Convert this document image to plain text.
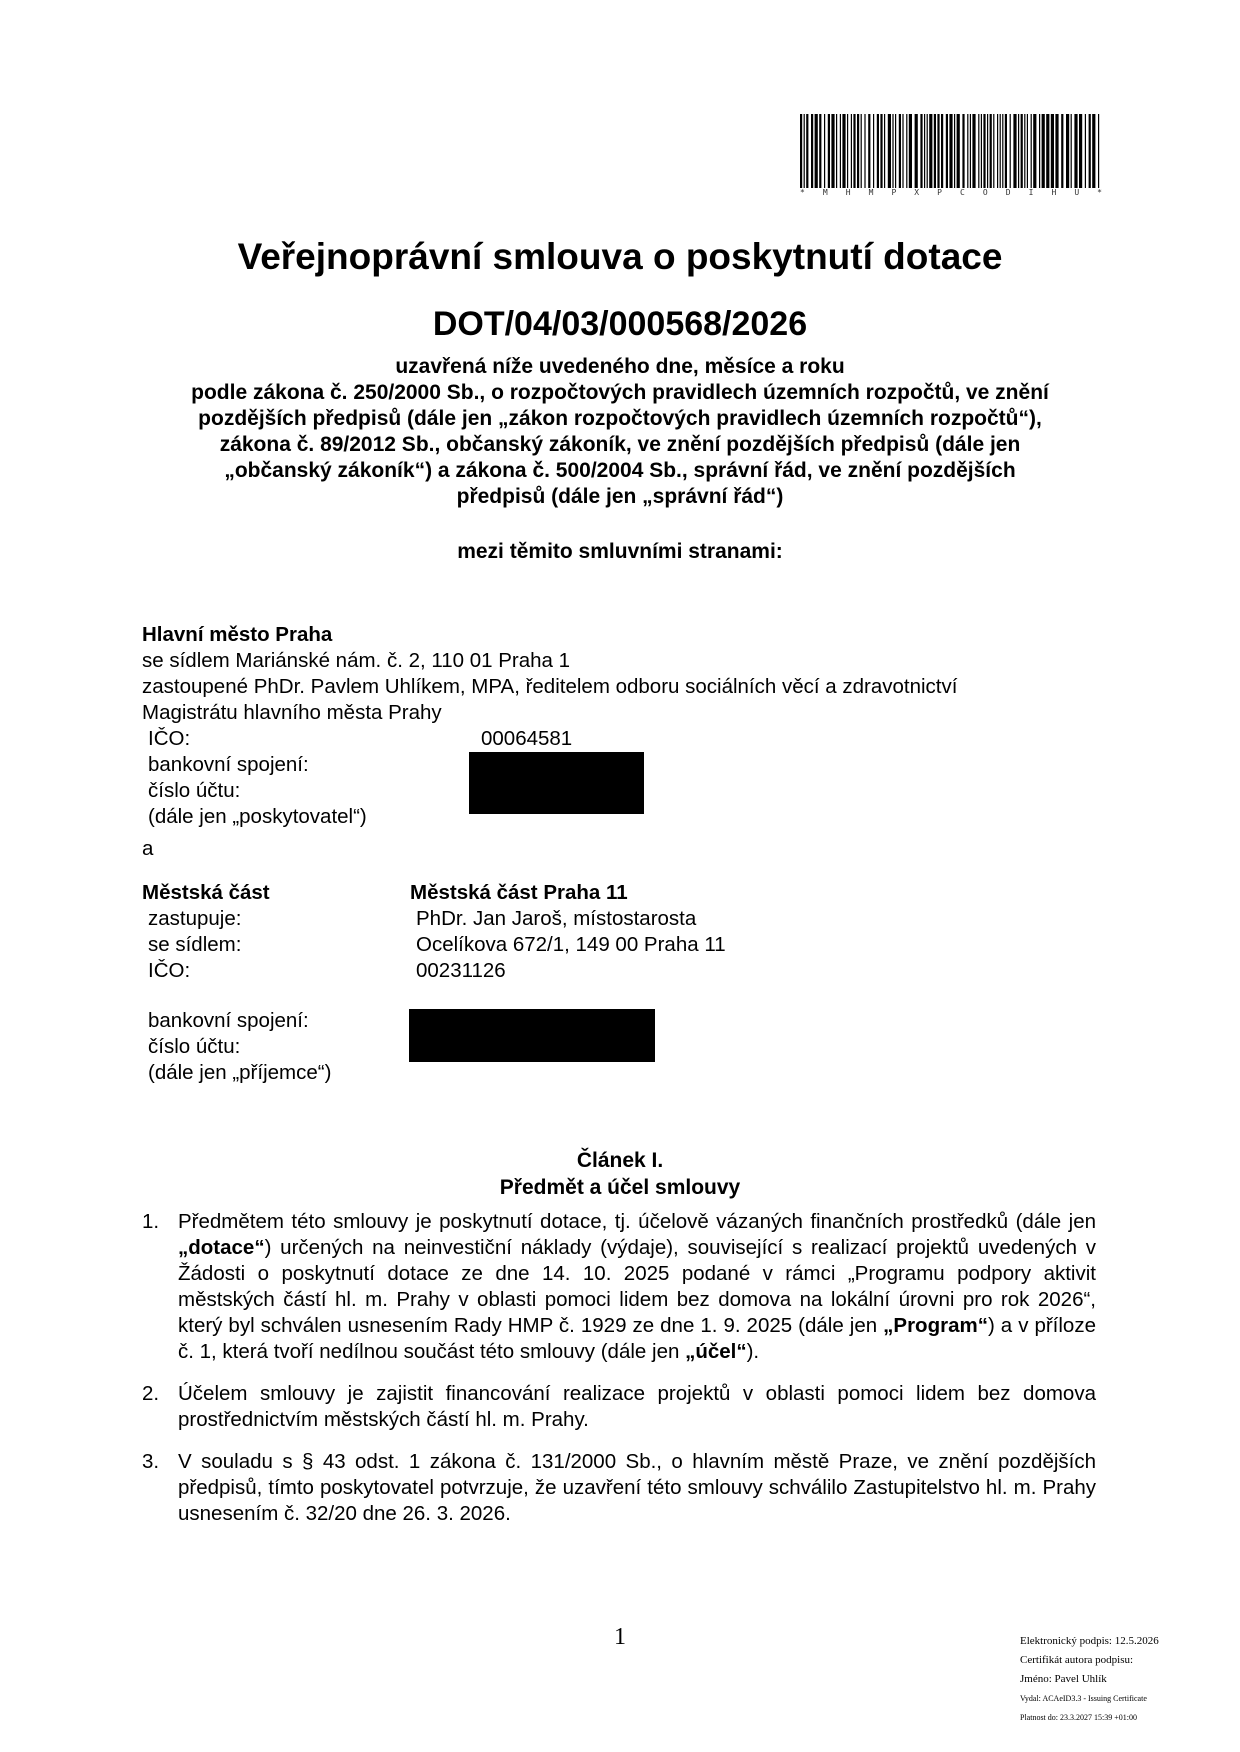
* M H M P X P C O D I H U *
Veřejnoprávní smlouva o poskytnutí dotace
DOT/04/03/000568/2026
uzavřená níže uvedeného dne, měsíce a roku
podle zákona č. 250/2000 Sb., o rozpočtových pravidlech územních rozpočtů, ve znění
pozdějších předpisů (dále jen „zákon rozpočtových pravidlech územních rozpočtů“),
zákona č. 89/2012 Sb., občanský zákoník, ve znění pozdějších předpisů (dále jen
„občanský zákoník“) a zákona č. 500/2004 Sb., správní řád, ve znění pozdějších
předpisů (dále jen „správní řád“)
mezi těmito smluvními stranami:
Hlavní město Praha
se sídlem Mariánské nám. č. 2, 110 01 Praha 1
zastoupené PhDr. Pavlem Uhlíkem, MPA, ředitelem odboru sociálních věcí a zdravotnictví
Magistrátu hlavního města Prahy
IČO:	00064581
bankovní spojení:
číslo účtu:
(dále jen „poskytovatel“)
a
Městská část	Městská část Praha 11
zastupuje:	PhDr. Jan Jaroš, místostarosta
se sídlem:	Ocelíkova 672/1, 149 00 Praha 11
IČO:	00231126
bankovní spojení:
číslo účtu:
(dále jen „příjemce“)
Článek I.
Předmět a účel smlouvy
1. Předmětem této smlouvy je poskytnutí dotace, tj. účelově vázaných finančních prostředků (dále jen „dotace“) určených na neinvestiční náklady (výdaje), související s realizací projektů uvedených v Žádosti o poskytnutí dotace ze dne 14. 10. 2025 podané v rámci „Programu podpory aktivit městských částí hl. m. Prahy v oblasti pomoci lidem bez domova na lokální úrovni pro rok 2026“, který byl schválen usnesením Rady HMP č. 1929 ze dne 1. 9. 2025 (dále jen „Program“) a v příloze č. 1, která tvoří nedílnou součást této smlouvy (dále jen „účel“).
2. Účelem smlouvy je zajistit financování realizace projektů v oblasti pomoci lidem bez domova prostřednictvím městských částí hl. m. Prahy.
3. V souladu s § 43 odst. 1 zákona č. 131/2000 Sb., o hlavním městě Praze, ve znění pozdějších předpisů, tímto poskytovatel potvrzuje, že uzavření této smlouvy schválilo Zastupitelstvo hl. m. Prahy usnesením č. 32/20 dne 26. 3. 2026.
1	Elektronický podpis: 12.5.2026
Certifikát autora podpisu:
Jméno: Pavel Uhlík
Vydal: ACAeID3.3 - Issuing Certificate
Platnost do: 23.3.2027 15:39 +01:00
